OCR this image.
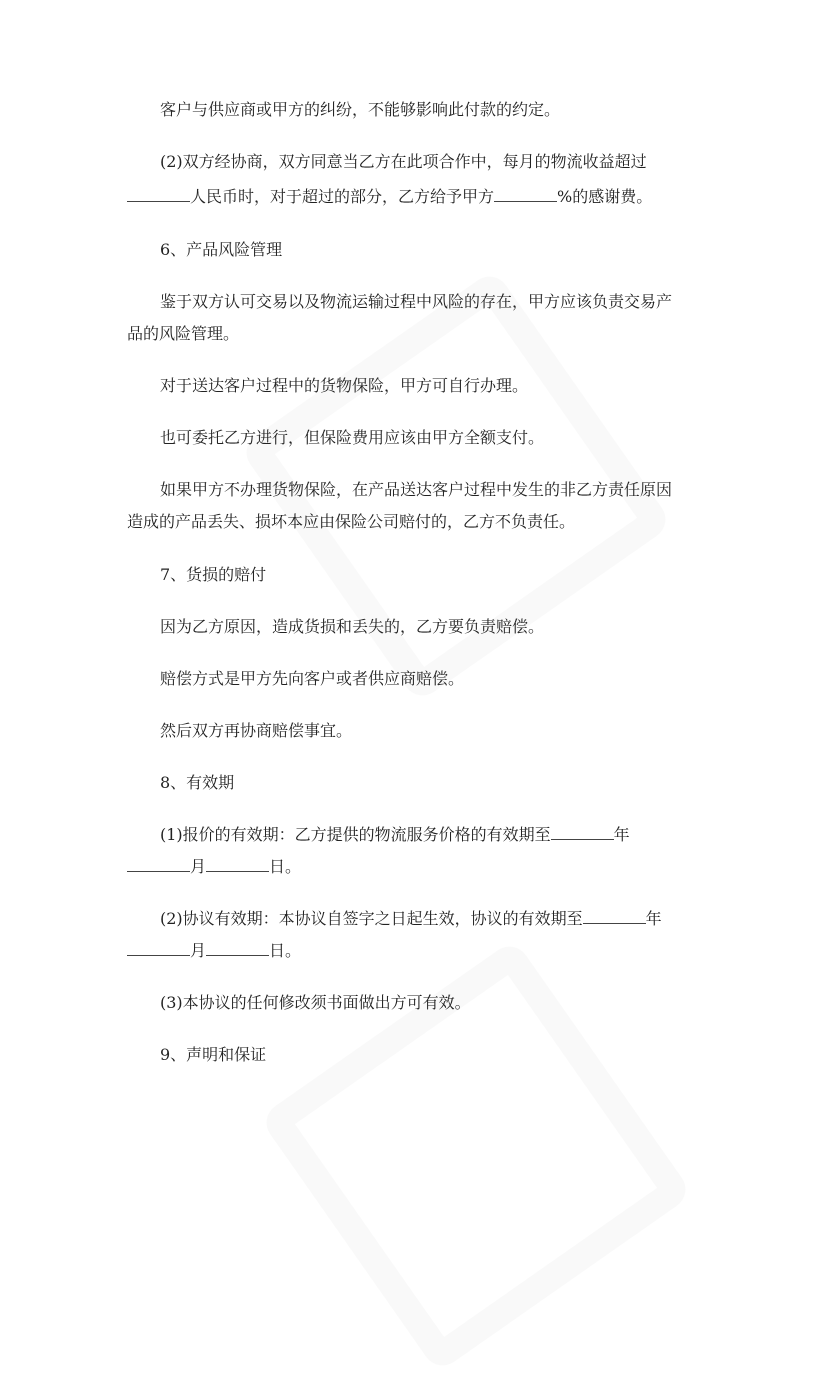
客户与供应商或甲方的纠纷，不能够影响此付款的约定。
(2)双方经协商，双方同意当乙方在此项合作中，每月的物流收益超过
人民币时，对于超过的部分，乙方给予甲方	%的感谢费。
6、产品风险管理
鉴于双方认可交易以及物流运输过程中风险的存在，甲方应该负责交易产
品的风险管理。
对于送达客户过程中的货物保险，甲方可自行办理。
也可委托乙方进行，但保险费用应该由甲方全额支付。
如果甲方不办理货物保险，在产品送达客户过程中发生的非乙方责任原因
造成的产品丢失、损坏本应由保险公司赔付的，乙方不负责任。
7、货损的赔付
因为乙方原因，造成货损和丢失的，乙方要负责赔偿。
赔偿方式是甲方先向客户或者供应商赔偿。
然后双方再协商赔偿事宜。
8、有效期
(1)报价的有效期：乙方提供的物流服务价格的有效期至	年
月	日。
(2)协议有效期：本协议自签字之日起生效，协议的有效期至	年
月	日。
(3)本协议的任何修改须书面做出方可有效。
9、声明和保证
